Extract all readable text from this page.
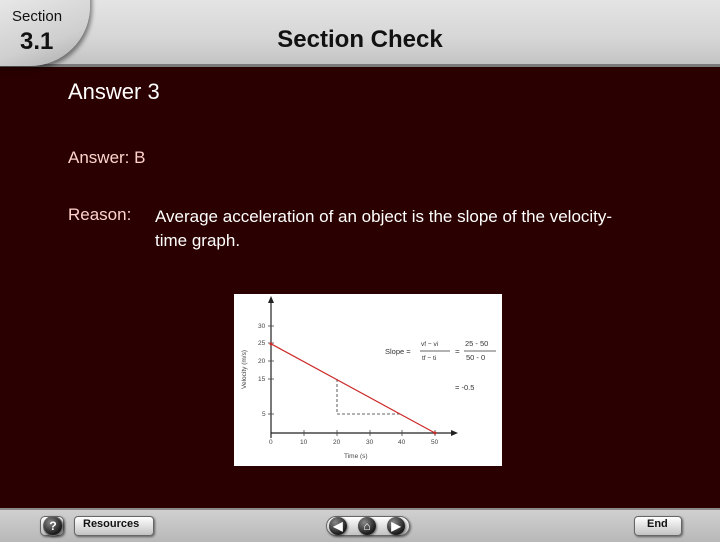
Section
3.1	Section Check
Answer 3
Answer: B
Reason: Average acceleration of an object is the slope of the velocity-time graph.
Velocity (m/s)
Time (s)
30
25
20
15
5
0	10	20	30	40	50
Slope =
vf − vi
tf − ti
=
25 - 50
50 - 0
= -0.5
?	Resources	◀	⌂	▶	End
